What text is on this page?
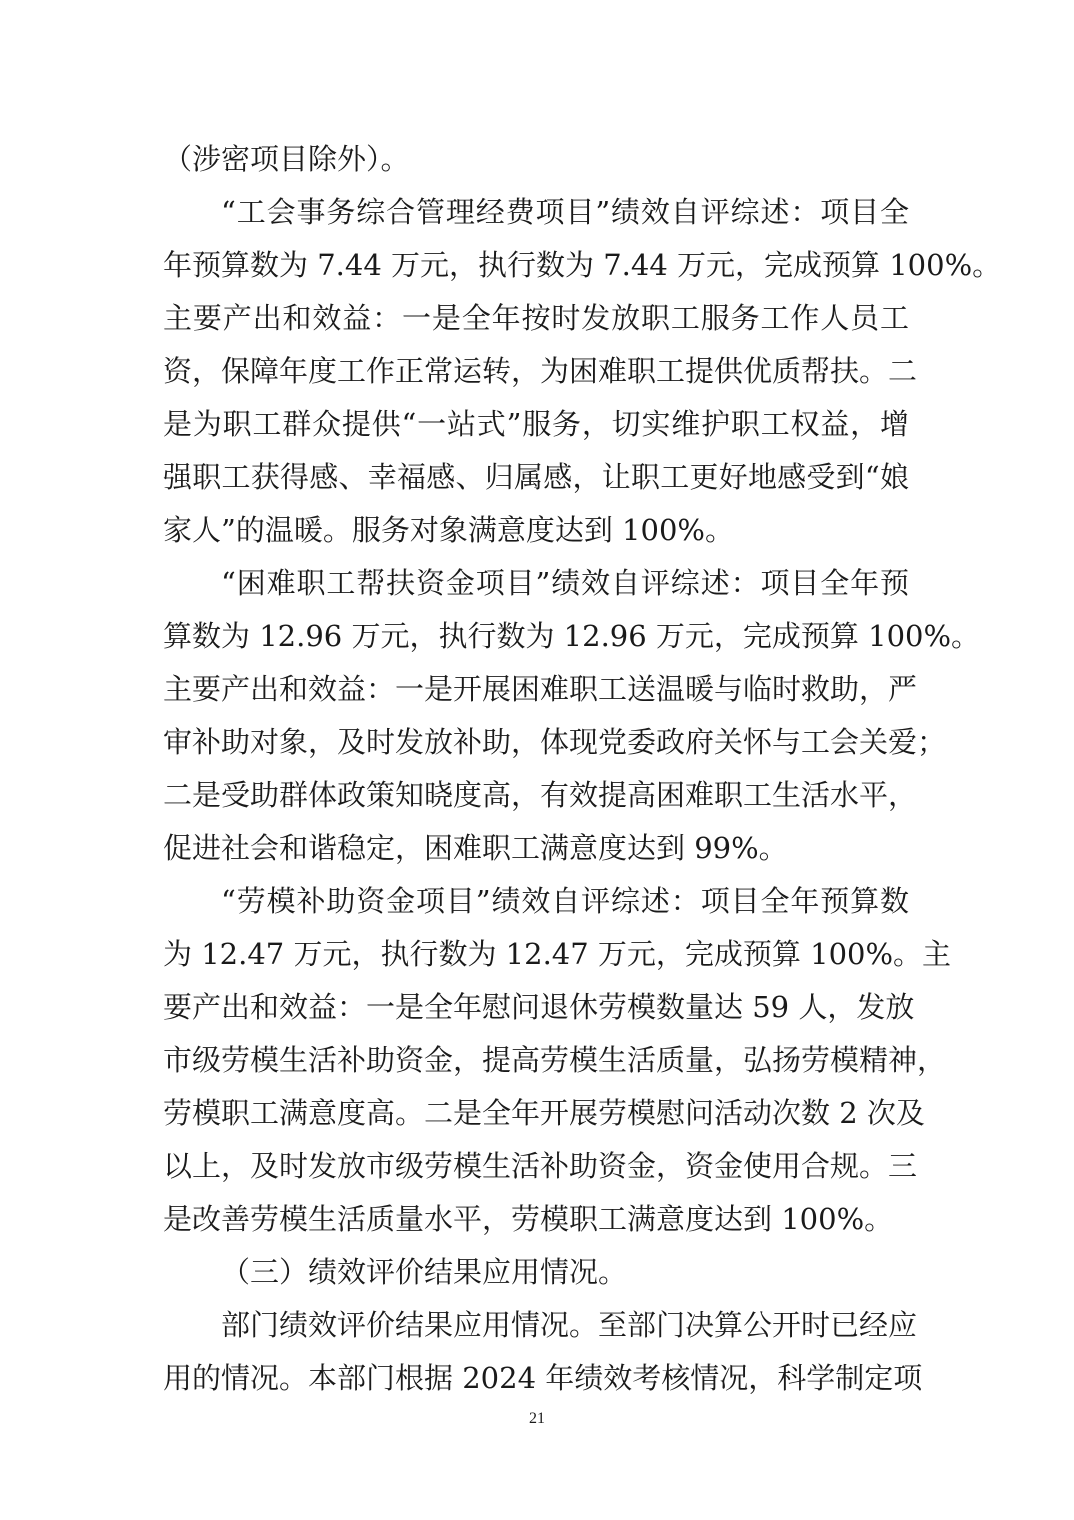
（涉密项目除外）。
“工会事务综合管理经费项目”绩效自评综述：项目全
年预算数为 7.44 万元，执行数为 7.44 万元，完成预算 100%。
主要产出和效益：一是全年按时发放职工服务工作人员工
资，保障年度工作正常运转，为困难职工提供优质帮扶。二
是为职工群众提供“一站式”服务，切实维护职工权益，增
强职工获得感、幸福感、归属感，让职工更好地感受到“娘
家人”的温暖。服务对象满意度达到 100%。
“困难职工帮扶资金项目”绩效自评综述：项目全年预
算数为 12.96 万元，执行数为 12.96 万元，完成预算 100%。
主要产出和效益：一是开展困难职工送温暖与临时救助，严
审补助对象，及时发放补助，体现党委政府关怀与工会关爱；
二是受助群体政策知晓度高，有效提高困难职工生活水平，
促进社会和谐稳定，困难职工满意度达到 99%。
“劳模补助资金项目”绩效自评综述：项目全年预算数
为 12.47 万元，执行数为 12.47 万元，完成预算 100%。主
要产出和效益：一是全年慰问退休劳模数量达 59 人，发放
市级劳模生活补助资金，提高劳模生活质量，弘扬劳模精神，
劳模职工满意度高。二是全年开展劳模慰问活动次数 2 次及
以上，及时发放市级劳模生活补助资金，资金使用合规。三
是改善劳模生活质量水平，劳模职工满意度达到 100%。
（三）绩效评价结果应用情况。
部门绩效评价结果应用情况。至部门决算公开时已经应
用的情况。本部门根据 2024 年绩效考核情况，科学制定项
21
